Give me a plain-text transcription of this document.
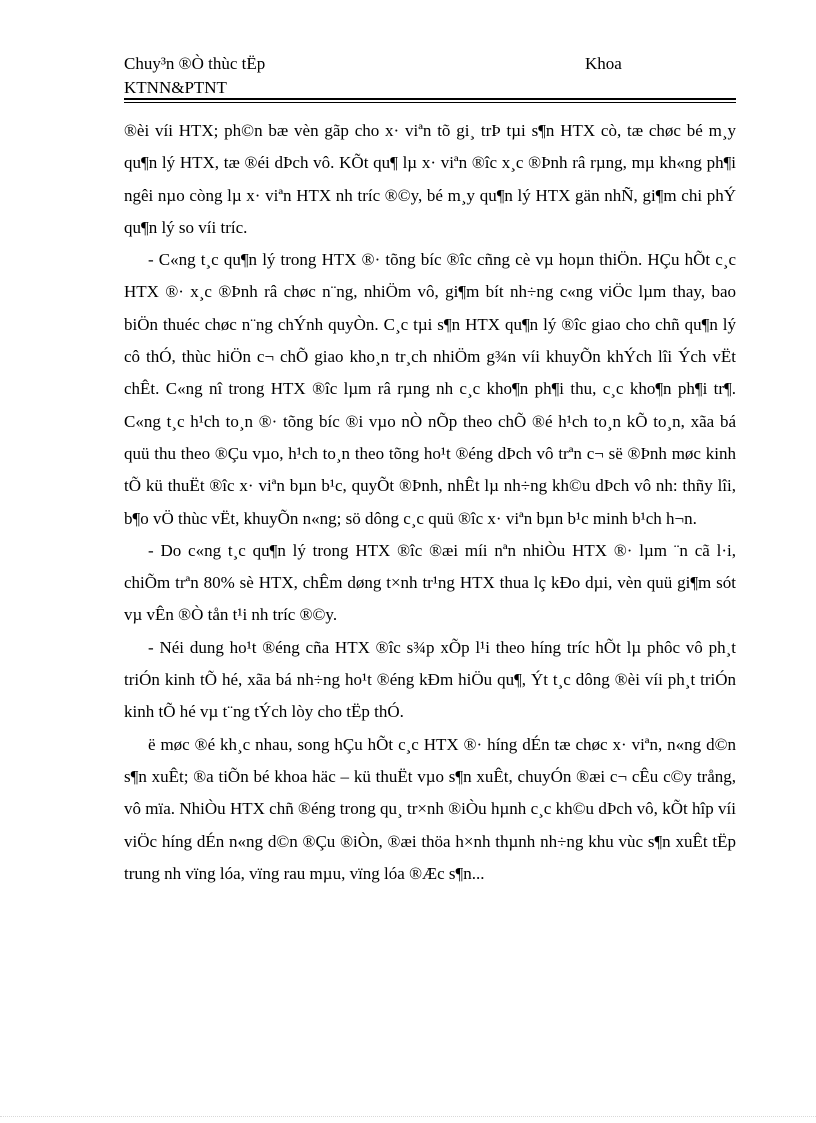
Chuy³n ®Ò thùc tËp	Khoa
KTNN&PTNT

®èi víi HTX; ph©n bæ vèn gãp cho x· viªn tõ gi¸ trÞ tµi s¶n HTX cò, tæ chøc bé m¸y qu¶n lý HTX, tæ ®éi dÞch vô. KÕt qu¶ lµ x· viªn ®îc x¸c ®Þnh râ rµng, mµ kh«ng ph¶i ngêi nµo còng lµ x· viªn HTX nh tríc ®©y, bé m¸y qu¶n lý HTX gän nhÑ, gi¶m chi phÝ qu¶n lý so víi tríc.

- C«ng t¸c qu¶n lý trong HTX ®· tõng bíc ®îc cñng cè vµ hoµn thiÖn. HÇu hÕt c¸c HTX ®· x¸c ®Þnh râ chøc n¨ng, nhiÖm vô, gi¶m bít nh÷ng c«ng viÖc lµm thay, bao biÖn thuéc chøc n¨ng chÝnh quyÒn. C¸c tµi s¶n HTX qu¶n lý ®îc giao cho chñ qu¶n lý cô thÓ, thùc hiÖn c¬ chÕ giao kho¸n tr¸ch nhiÖm g¾n víi khuyÕn khÝch lîi Ých vËt chÊt. C«ng nî trong HTX ®îc lµm râ rµng nh c¸c kho¶n ph¶i thu, c¸c kho¶n ph¶i tr¶. C«ng t¸c h¹ch to¸n ®· tõng bíc ®i vµo nÒ nÕp theo chÕ ®é h¹ch to¸n kÕ to¸n, xãa bá quü thu theo ®Çu vµo, h¹ch to¸n theo tõng ho¹t ®éng dÞch vô trªn c¬ së ®Þnh møc kinh tÕ kü thuËt ®îc x· viªn bµn b¹c, quyÕt ®Þnh, nhÊt lµ nh÷ng kh©u dÞch vô nh: thñy lîi, b¶o vÖ thùc vËt, khuyÕn n«ng; sö dông c¸c quü ®îc x· viªn bµn b¹c minh b¹ch h¬n.

- Do c«ng t¸c qu¶n lý trong HTX ®îc ®æi míi nªn nhiÒu HTX ®· lµm ¨n cã l·i, chiÕm trªn 80% sè HTX, chÊm døng t×nh tr¹ng HTX thua lç kÐo dµi, vèn quü gi¶m sót vµ vÊn ®Ò tån t¹i nh tríc ®©y.

- Néi dung ho¹t ®éng cña HTX ®îc s¾p xÕp l¹i theo híng tríc hÕt lµ phôc vô ph¸t triÓn kinh tÕ hé, xãa bá nh÷ng ho¹t ®éng kÐm hiÖu qu¶, Ýt t¸c dông ®èi víi ph¸t triÓn kinh tÕ hé vµ t¨ng tÝch lòy cho tËp thÓ.

ë møc ®é kh¸c nhau, song hÇu hÕt c¸c HTX ®· híng dÉn tæ chøc x· viªn, n«ng d©n s¶n xuÊt; ®a tiÕn bé khoa häc – kü thuËt vµo s¶n xuÊt, chuyÓn ®æi c¬ cÊu c©y trång, vô mïa. NhiÒu HTX chñ ®éng trong qu¸ tr×nh ®iÒu hµnh c¸c kh©u dÞch vô, kÕt hîp víi viÖc híng dÉn n«ng d©n ®Çu ®iÒn, ®æi thöa h×nh thµnh nh÷ng khu vùc s¶n xuÊt tËp trung nh vïng lóa, vïng rau mµu, vïng lóa ®Æc s¶n...
